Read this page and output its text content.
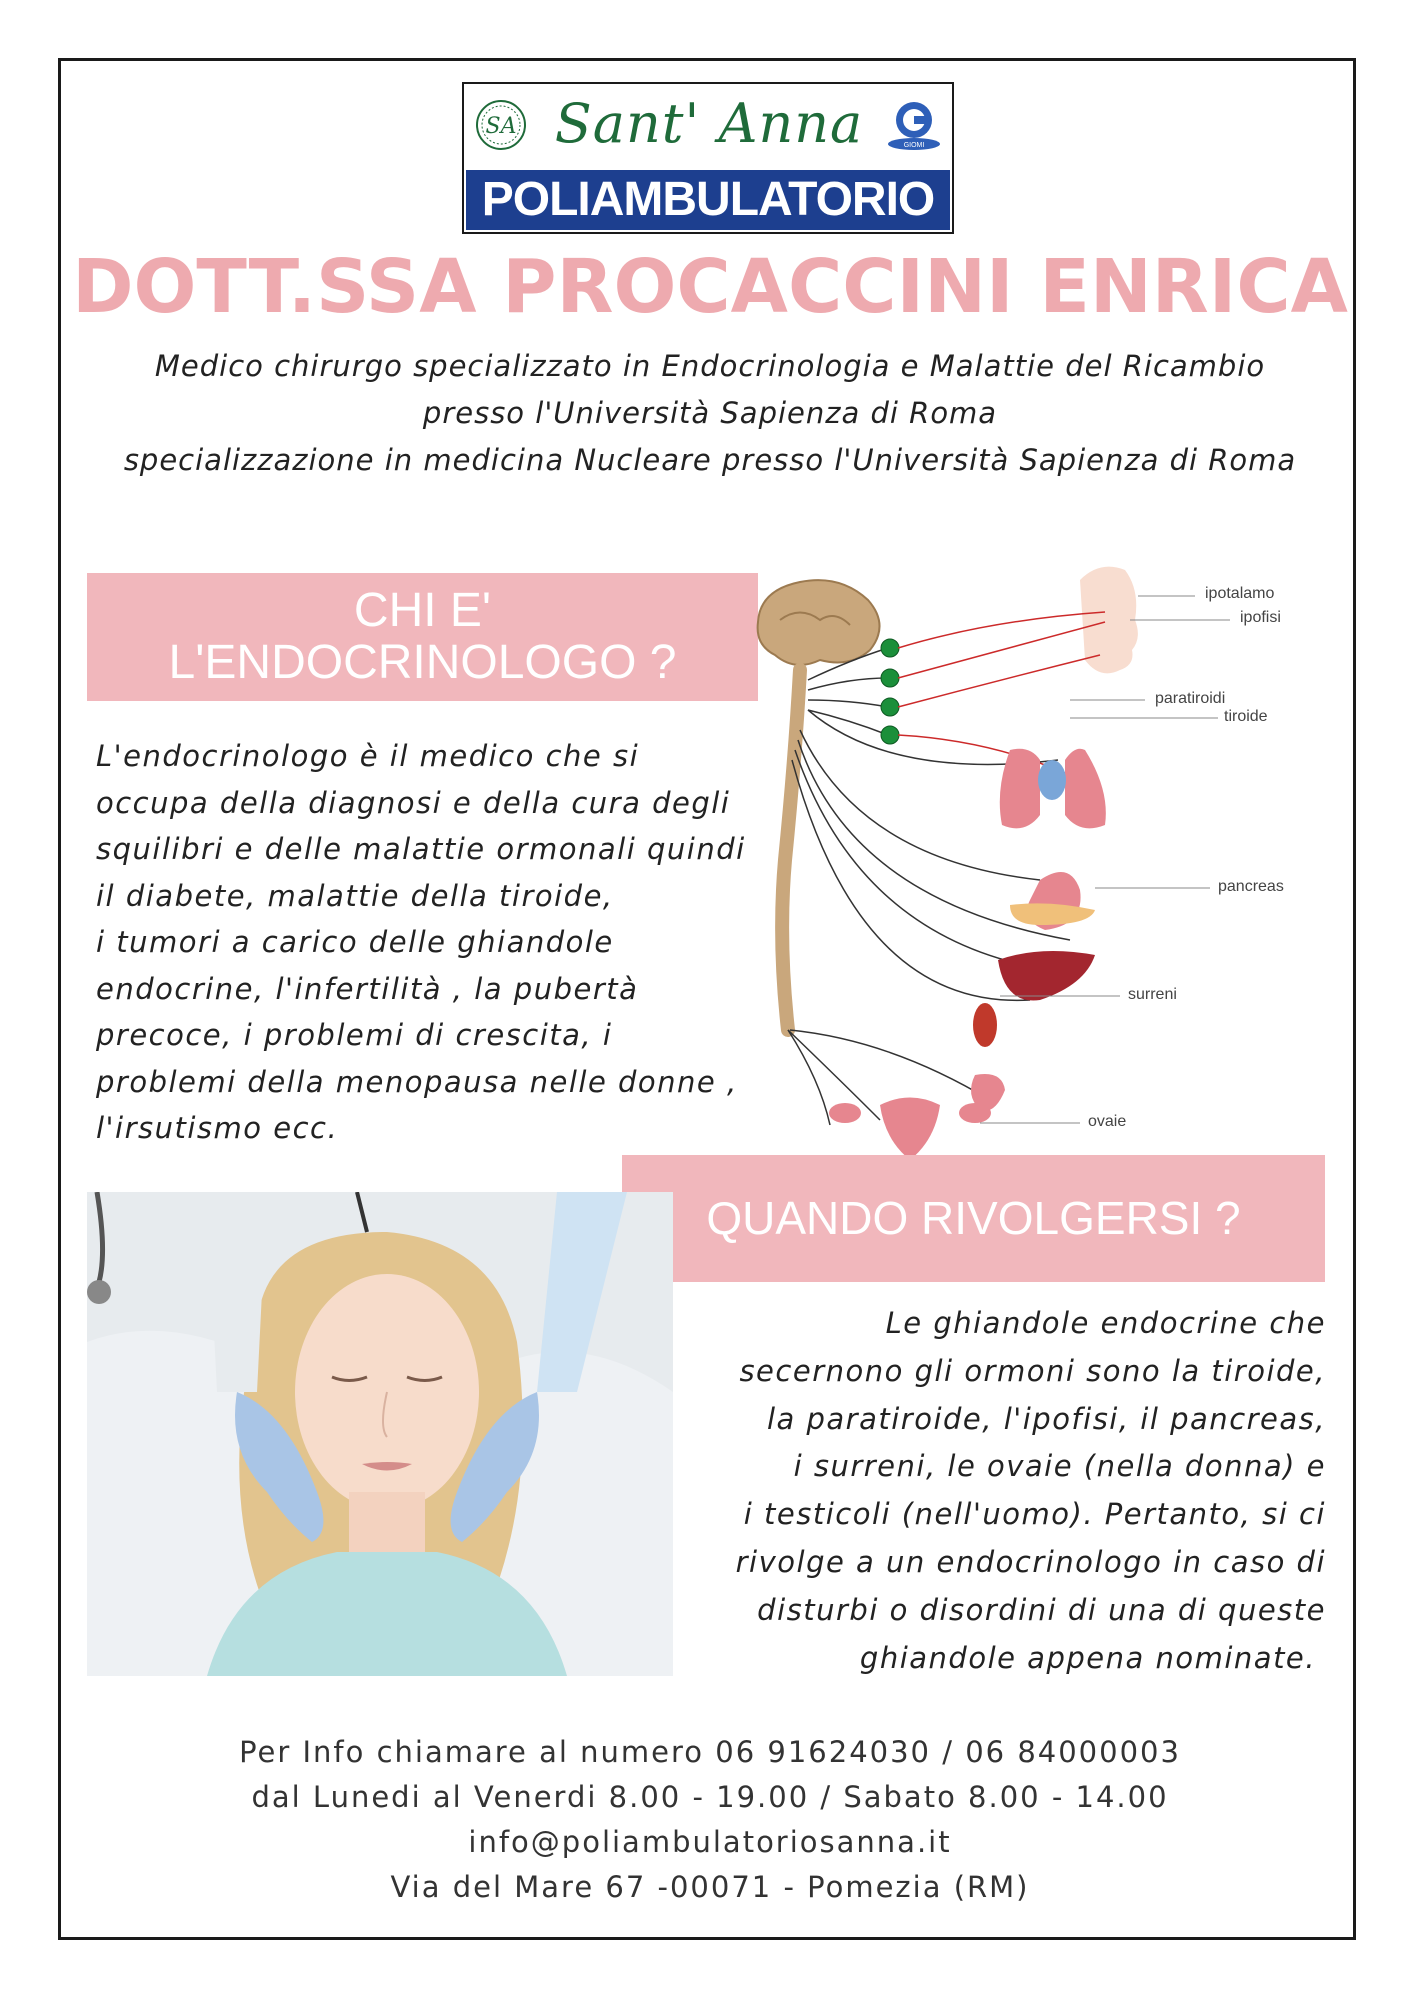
SA Sant' Anna	GIOMI
POLIAMBULATORIO
DOTT.SSA PROCACCINI ENRICA
Medico chirurgo specializzato in Endocrinologia e Malattie del Ricambio
presso l'Università Sapienza di Roma
specializzazione in medicina Nucleare presso l'Università Sapienza di Roma
CHI E'
L'ENDOCRINOLOGO ?
L'endocrinologo è il medico che si
occupa della diagnosi e della cura degli
squilibri e delle malattie ormonali quindi
il diabete, malattie della tiroide,
i tumori a carico delle ghiandole
endocrine, l'infertilità , la pubertà
precoce, i problemi di crescita, i
problemi della menopausa nelle donne ,
l'irsutismo ecc.
ipotalamo
ipofisi
paratiroidi
tiroide
pancreas
surreni
ovaie
QUANDO RIVOLGERSI ?
Le ghiandole endocrine che
secernono gli ormoni sono la tiroide,
la paratiroide, l'ipofisi, il pancreas,
i surreni, le ovaie (nella donna) e
i testicoli (nell'uomo). Pertanto, si ci
rivolge a un endocrinologo in caso di
disturbi o disordini di una di queste
ghiandole appena nominate.
Per Info chiamare al numero 06 91624030 / 06 84000003
dal Lunedi al Venerdi 8.00 - 19.00 / Sabato 8.00 - 14.00
info@poliambulatoriosanna.it
Via del Mare 67 -00071 - Pomezia (RM)
